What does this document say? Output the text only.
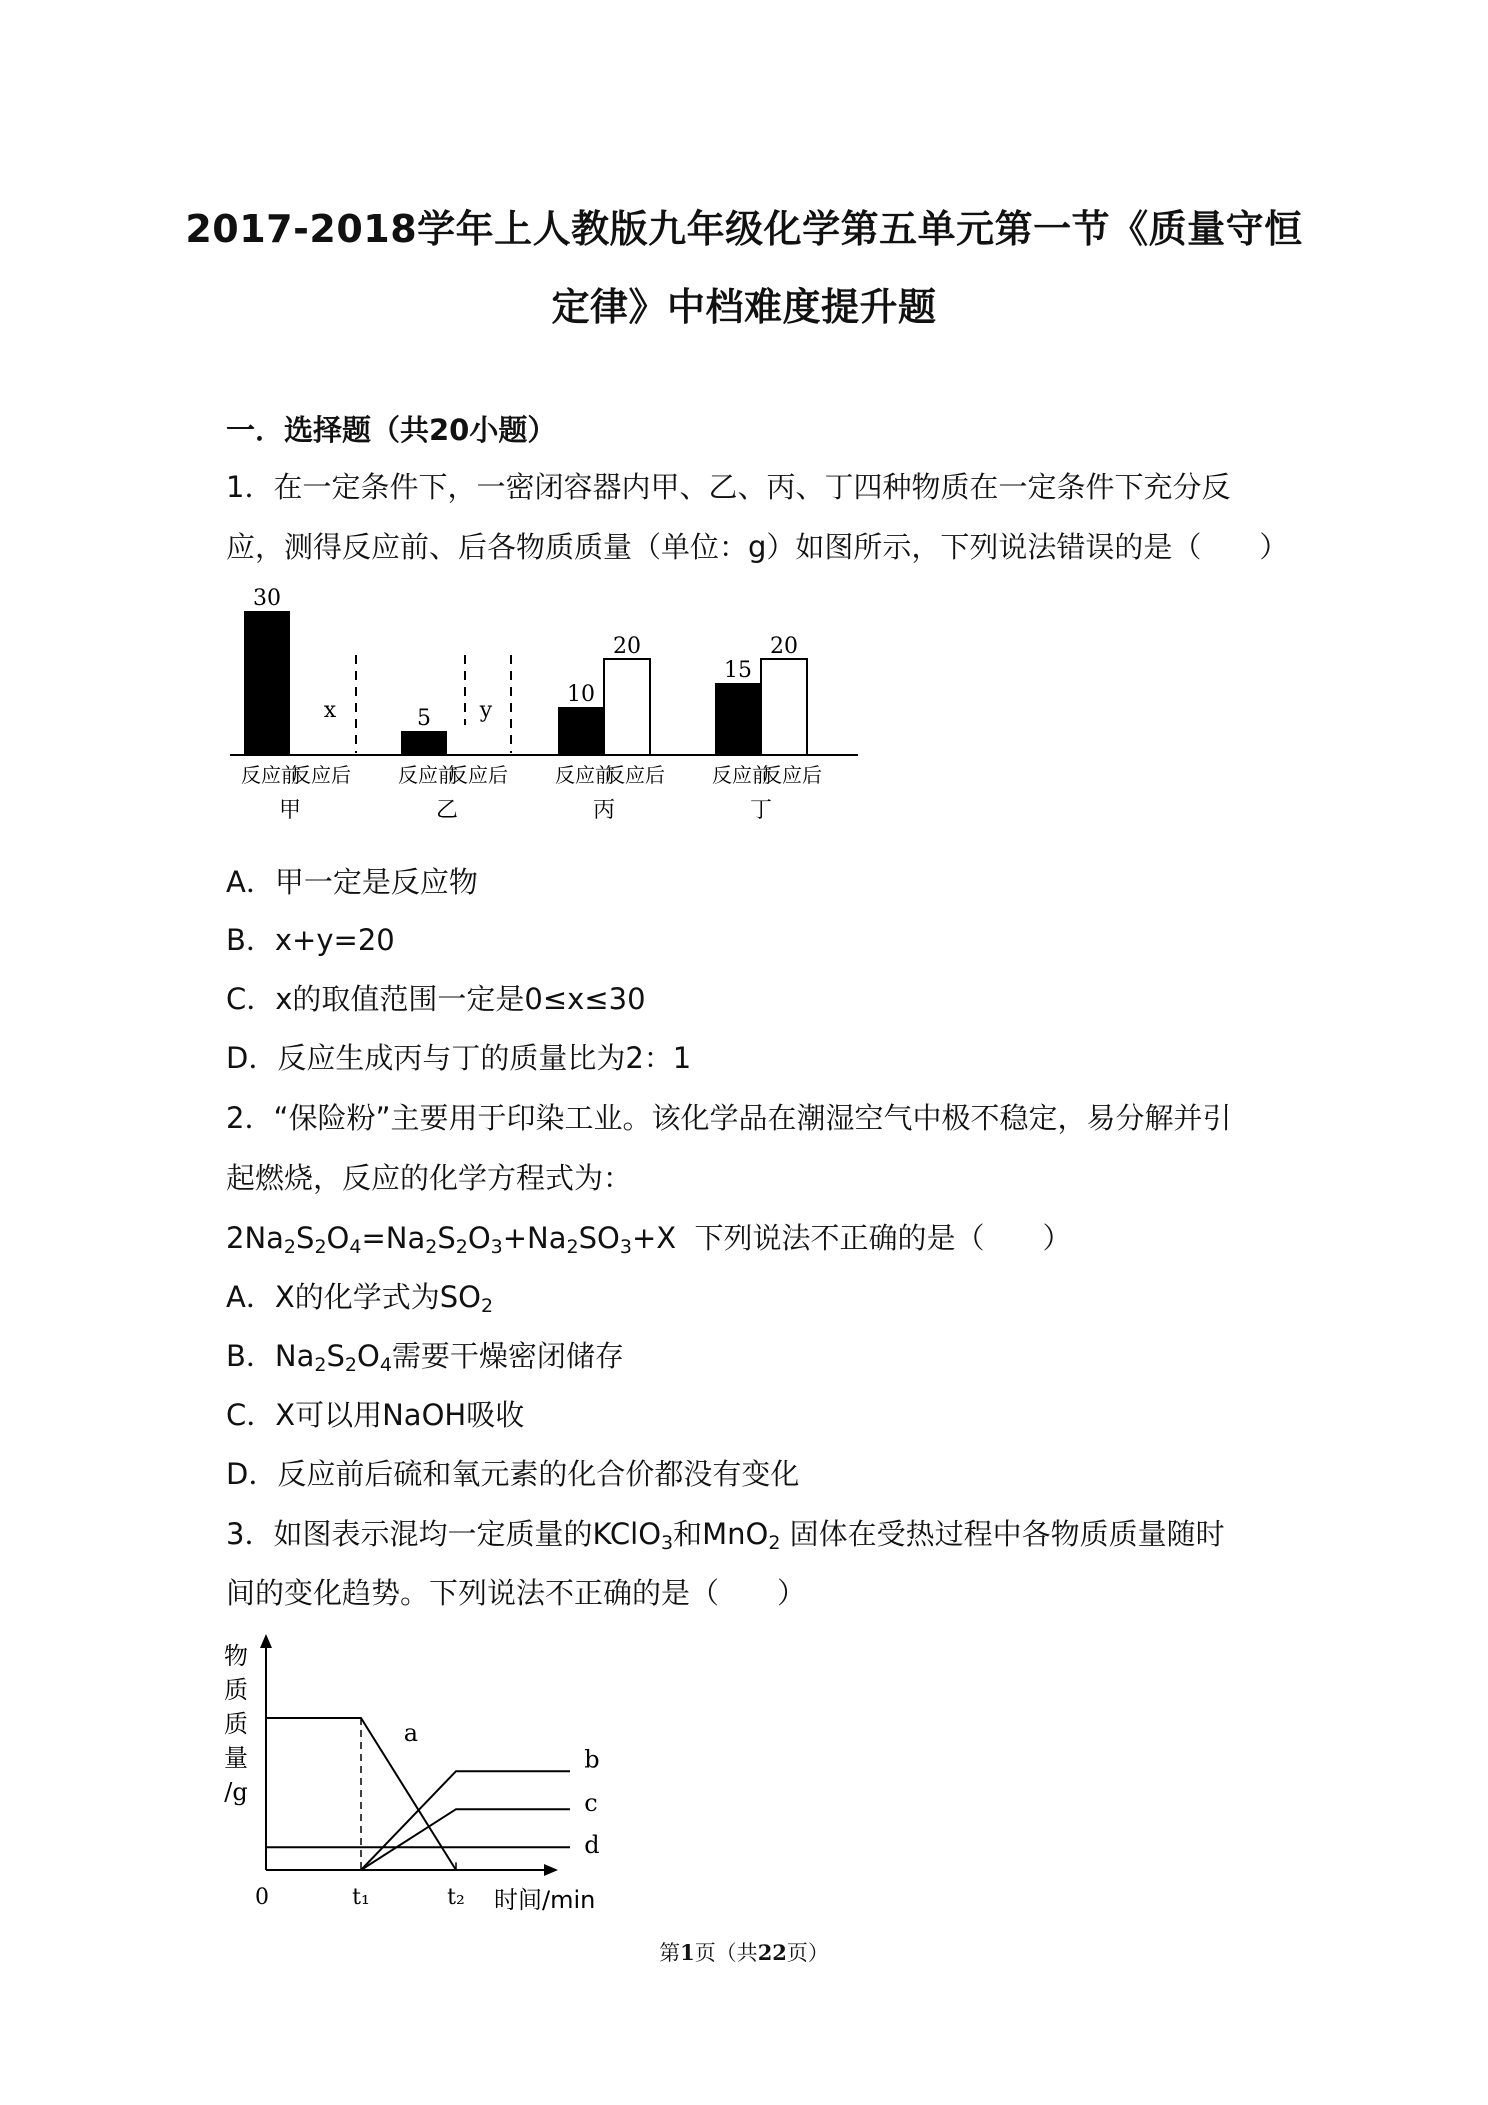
2017-2018学年上人教版九年级化学第五单元第一节《质量守恒
定律》中档难度提升题
一．选择题（共20小题）
1．在一定条件下，一密闭容器内甲、乙、丙、丁四种物质在一定条件下充分反
应，测得反应前、后各物质质量（单位：g）如图所示，下列说法错误的是（　　）
30
x
反应前
反应后
甲
5 y
反应前
反应后
乙
10
20
反应前
反应后
丙
15
20
反应前
反应后
丁
A．甲一定是反应物
B．x+y=20
C．x的取值范围一定是0≤x≤30
D．反应生成丙与丁的质量比为2：1
2．“保险粉”主要用于印染工业。该化学品在潮湿空气中极不稳定，易分解并引
起燃烧，反应的化学方程式为：
$2Na_2S_2O_4=Na_2S_2O_3+Na_2SO_3+X$  下列说法不正确的是（　　）
A．X的化学式为$SO_2$
B．$Na_2S_2O_4$需要干燥密闭储存
C．X可以用NaOH吸收
D．反应前后硫和氧元素的化合价都没有变化
3．如图表示混均一定质量的KClO$_3$和MnO$_2$ 固体在受热过程中各物质质量随时
间的变化趋势。下列说法不正确的是（　　）
物
质
质
量
/g
a
b
c
d
0	t₁	t₂ 时间/min
第1页（共22页）
